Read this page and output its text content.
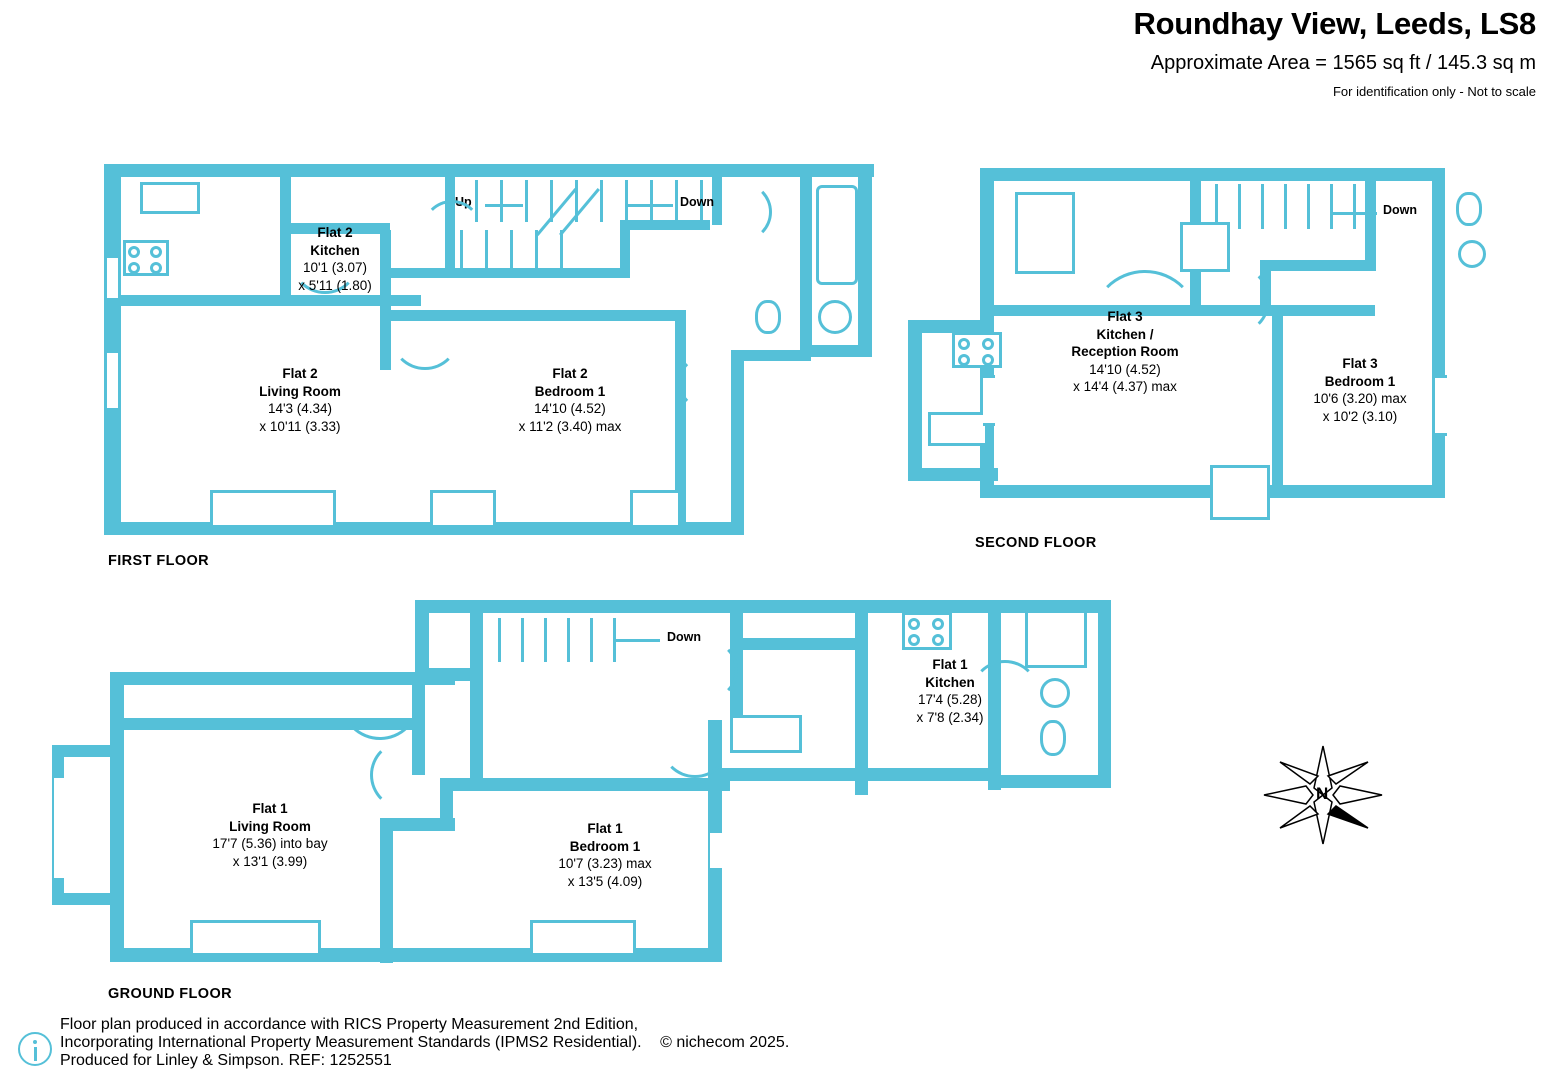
Roundhay View, Leeds, LS8
Approximate Area = 1565 sq ft / 145.3 sq m
For identification only - Not to scale
Up	Down
Flat 2
Kitchen
10'1 (3.07)
x 5'11 (1.80)
Flat 2
Living Room
14'3 (4.34)
x 10'11 (3.33)
Flat 2
Bedroom 1
14'10 (4.52)
x 11'2 (3.40) max
FIRST FLOOR
Down
Flat 3
Kitchen /
Reception Room
14'10 (4.52)
x 14'4 (4.37) max
Flat 3
Bedroom 1
10'6 (3.20) max
x 10'2 (3.10)
SECOND FLOOR
Down
Flat 1
Kitchen
17'4 (5.28)
x 7'8 (2.34)
Flat 1
Living Room
17'7 (5.36) into bay
x 13'1 (3.99)
Flat 1
Bedroom 1
10'7 (3.23) max
x 13'5 (4.09)
GROUND FLOOR
N
Floor plan produced in accordance with RICS Property Measurement 2nd Edition,
Incorporating International Property Measurement Standards (IPMS2 Residential). © nichecom 2025.
Produced for Linley & Simpson. REF: 1252551
